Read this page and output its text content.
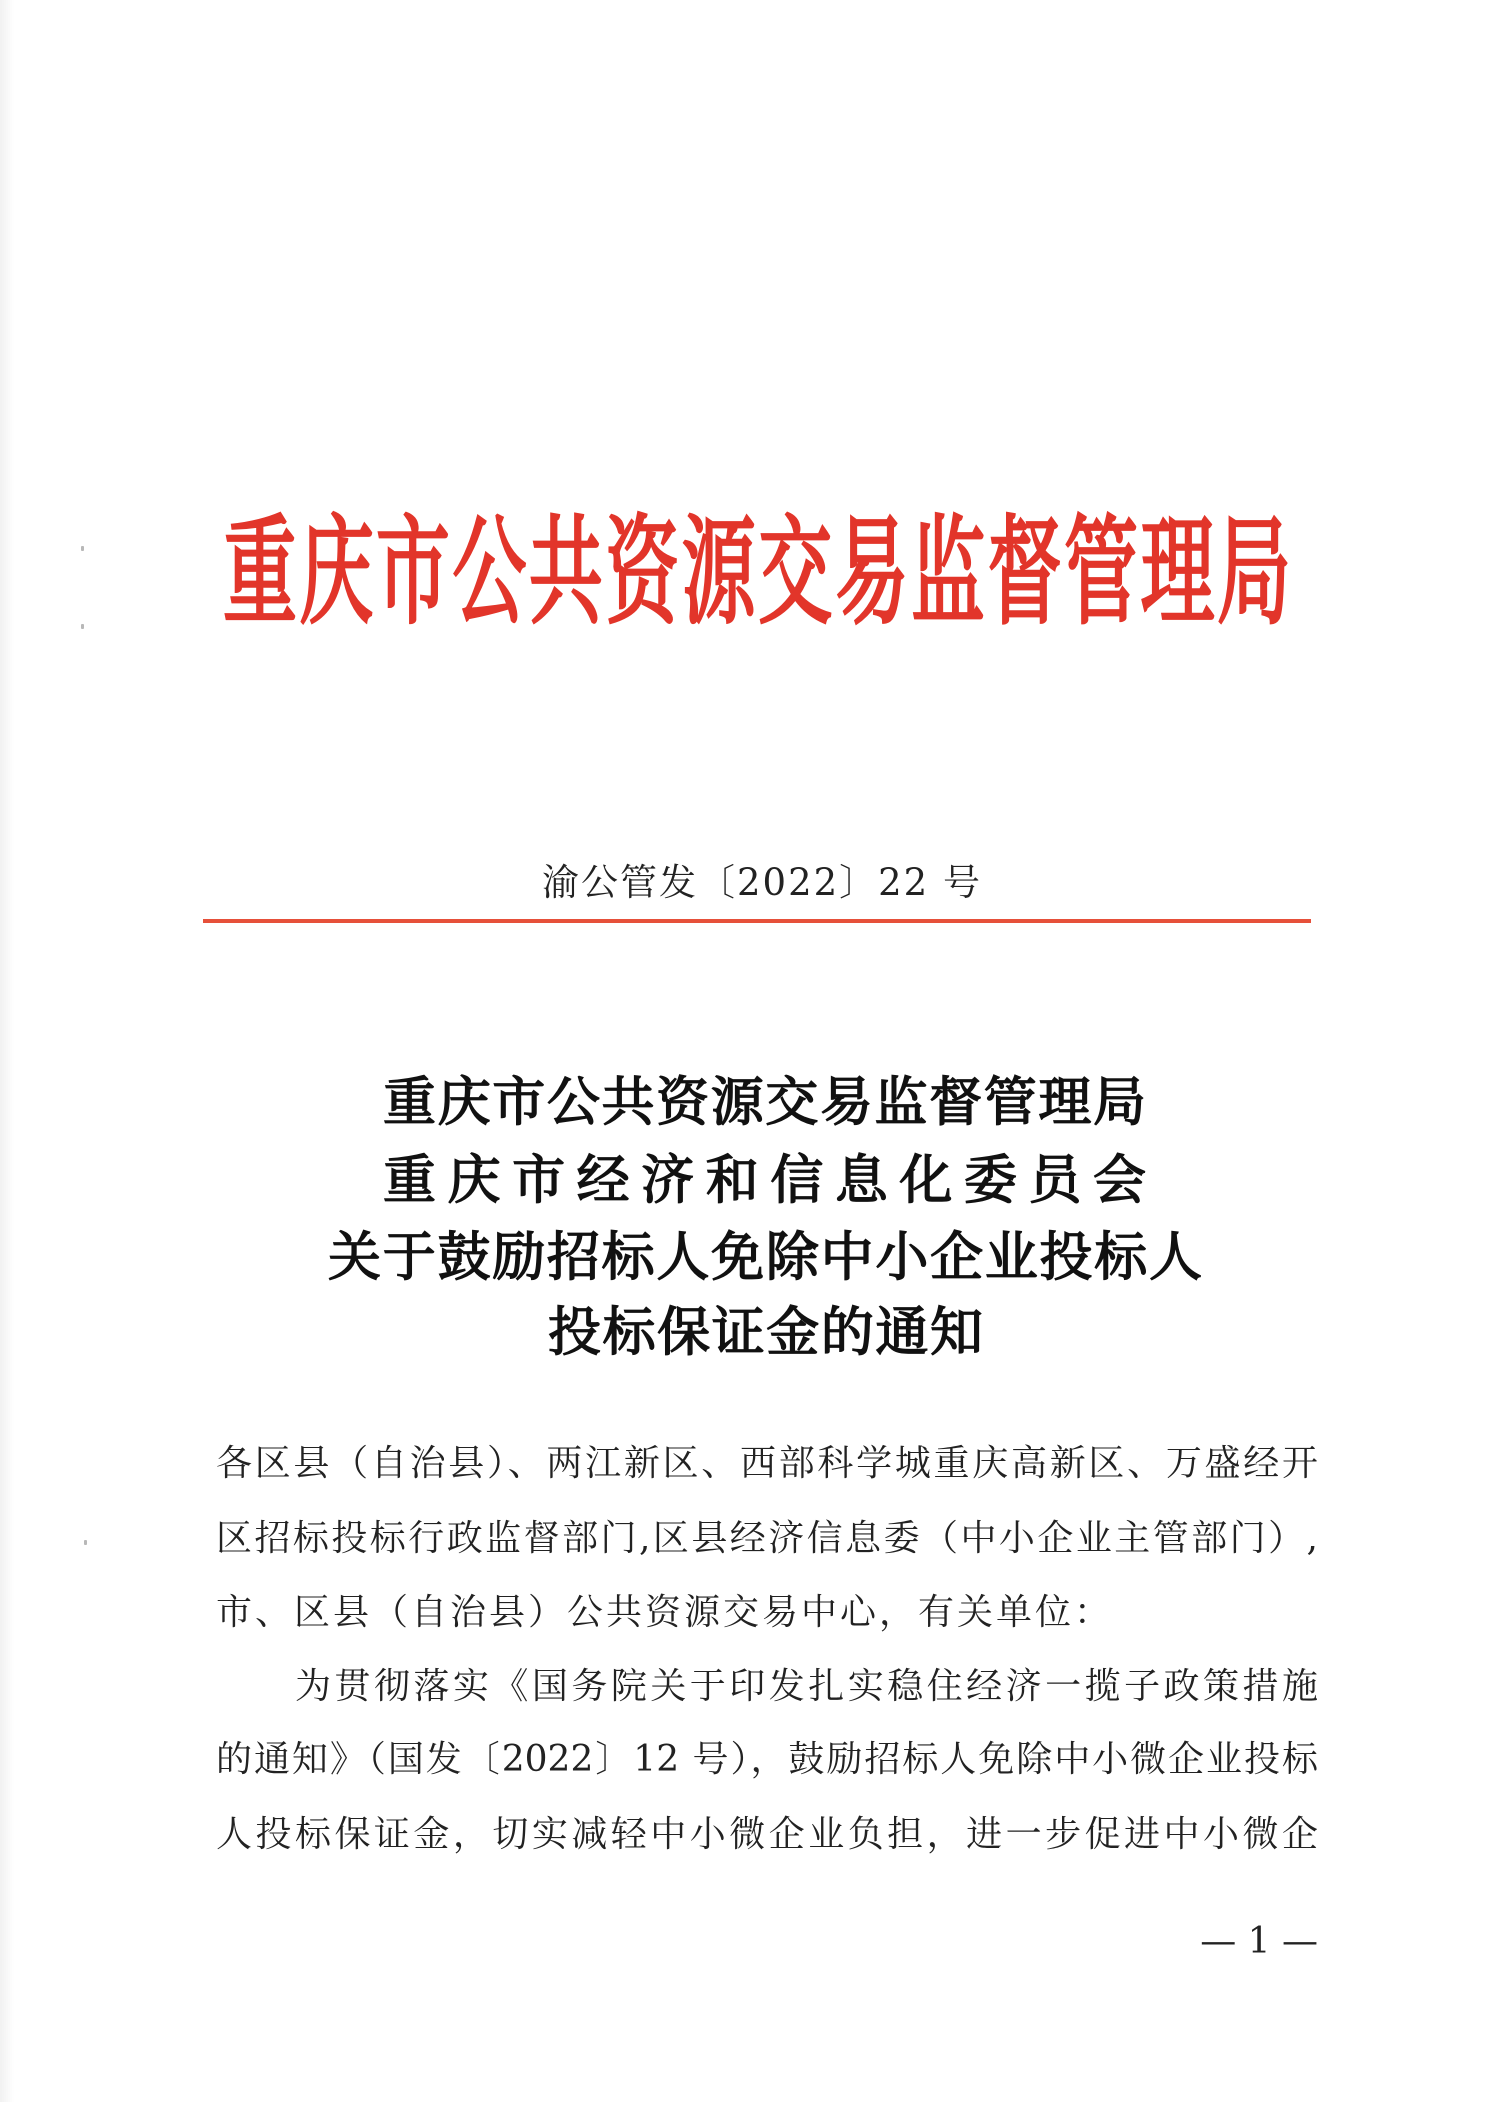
重庆市公共资源交易监督管理局
渝公管发〔2022〕22 号
重庆市公共资源交易监督管理局
重庆市经济和信息化委员会
关于鼓励招标人免除中小企业投标人
投标保证金的通知
各区县（自治县）、两江新区、西部科学城重庆高新区、万盛经开
区招标投标行政监督部门,区县经济信息委（中小企业主管部门）,
市、区县（自治县）公共资源交易中心，有关单位：
为贯彻落实《国务院关于印发扎实稳住经济一揽子政策措施
的通知》（国发〔2022〕12 号），鼓励招标人免除中小微企业投标
人投标保证金，切实减轻中小微企业负担，进一步促进中小微企
— 1 —
